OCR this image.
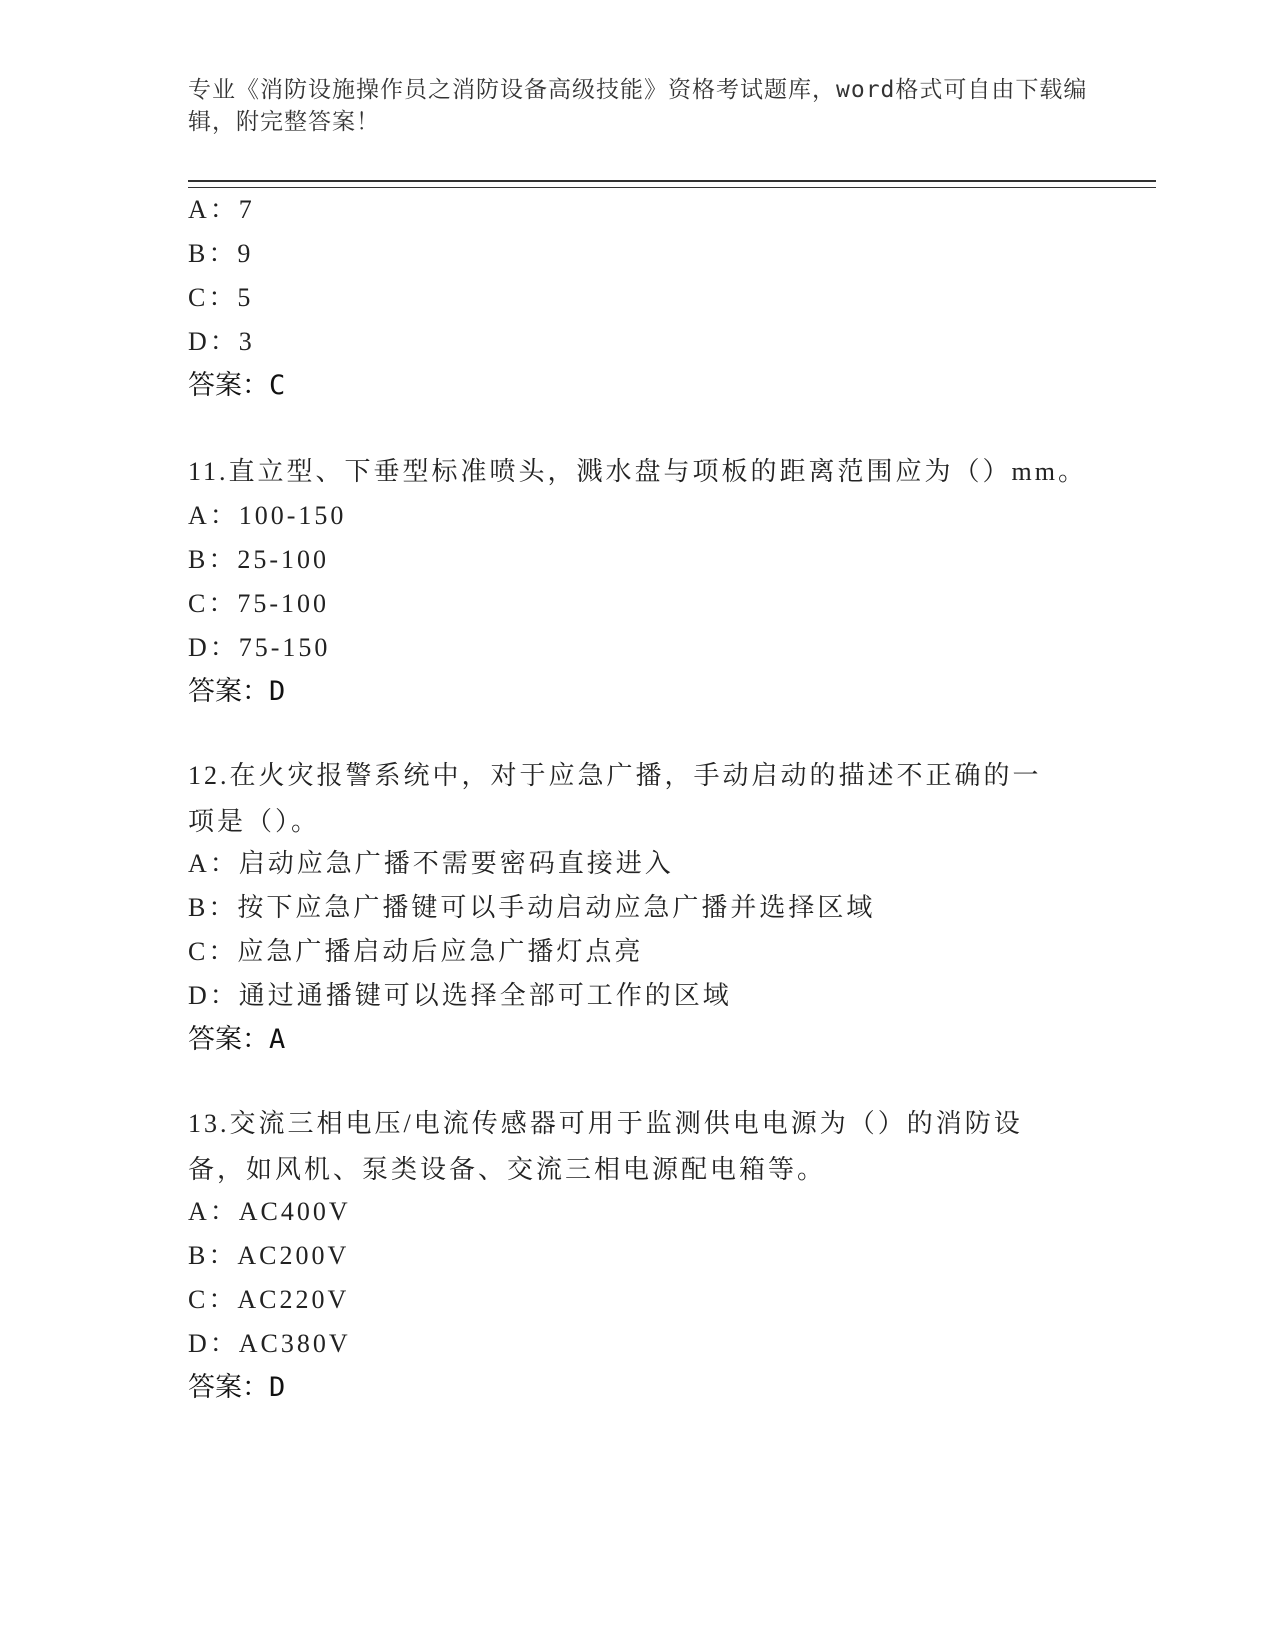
专业《消防设施操作员之消防设备高级技能》资格考试题库，word格式可自由下载编辑，附完整答案！
A：7
B：9
C：5
D：3
答案：C
11.直立型、下垂型标准喷头，溅水盘与项板的距离范围应为（）mm。
A：100-150
B：25-100
C：75-100
D：75-150
答案：D
12.在火灾报警系统中，对于应急广播，手动启动的描述不正确的一项是（）。
A：启动应急广播不需要密码直接进入
B：按下应急广播键可以手动启动应急广播并选择区域
C：应急广播启动后应急广播灯点亮
D：通过通播键可以选择全部可工作的区域
答案：A
13.交流三相电压/电流传感器可用于监测供电电源为（）的消防设备，如风机、泵类设备、交流三相电源配电箱等。
A：AC400V
B：AC200V
C：AC220V
D：AC380V
答案：D
